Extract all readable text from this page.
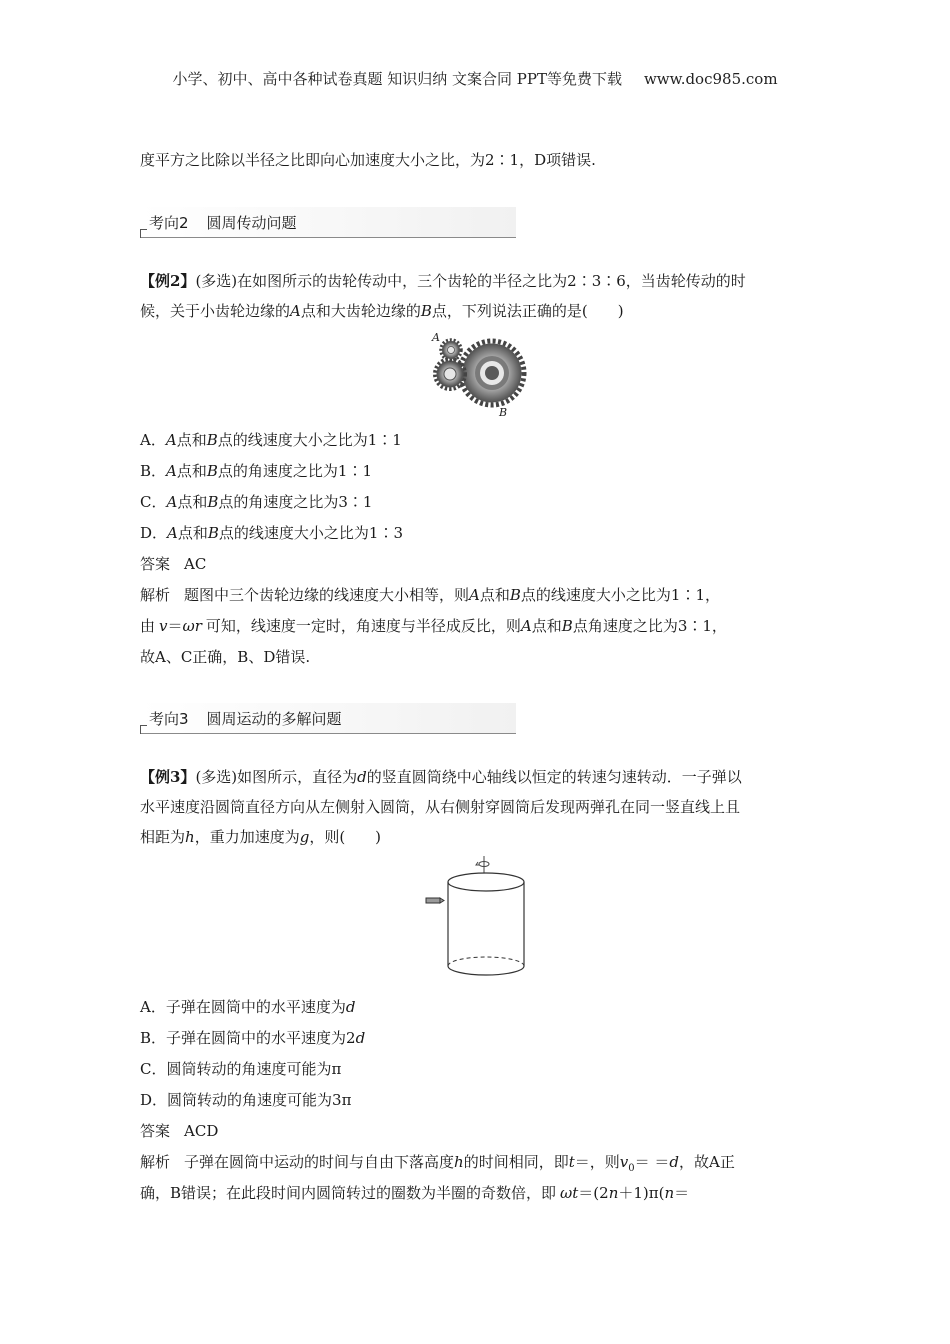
小学、初中、高中各种试卷真题 知识归纳 文案合同 PPT等免费下载 www.doc985.com
度平方之比除以半径之比即向心加速度大小之比，为2∶1，D项错误.
考向2 圆周传动问题
【例2】(多选)在如图所示的齿轮传动中，三个齿轮的半径之比为2∶3∶6，当齿轮传动的时
候，关于小齿轮边缘的A点和大齿轮边缘的B点，下列说法正确的是(　　)
A
B
A．A点和B点的线速度大小之比为1∶1
B．A点和B点的角速度之比为1∶1
C．A点和B点的角速度之比为3∶1
D．A点和B点的线速度大小之比为1∶3
答案 AC
解析 题图中三个齿轮边缘的线速度大小相等，则A点和B点的线速度大小之比为1∶1，
由 v＝ωr 可知，线速度一定时，角速度与半径成反比，则A点和B点角速度之比为3∶1，
故A、C正确，B、D错误.
考向3 圆周运动的多解问题
【例3】(多选)如图所示，直径为d的竖直圆筒绕中心轴线以恒定的转速匀速转动．一子弹以
水平速度沿圆筒直径方向从左侧射入圆筒，从右侧射穿圆筒后发现两弹孔在同一竖直线上且
相距为h，重力加速度为g，则(　　)
A．子弹在圆筒中的水平速度为d
B．子弹在圆筒中的水平速度为2d
C．圆筒转动的角速度可能为π
D．圆筒转动的角速度可能为3π
答案 ACD
解析 子弹在圆筒中运动的时间与自由下落高度h的时间相同，即t＝，则$v_0= =d$，故A正
确，B错误；在此段时间内圆筒转过的圈数为半圈的奇数倍，即 ωt＝(2n＋1)π(n＝
